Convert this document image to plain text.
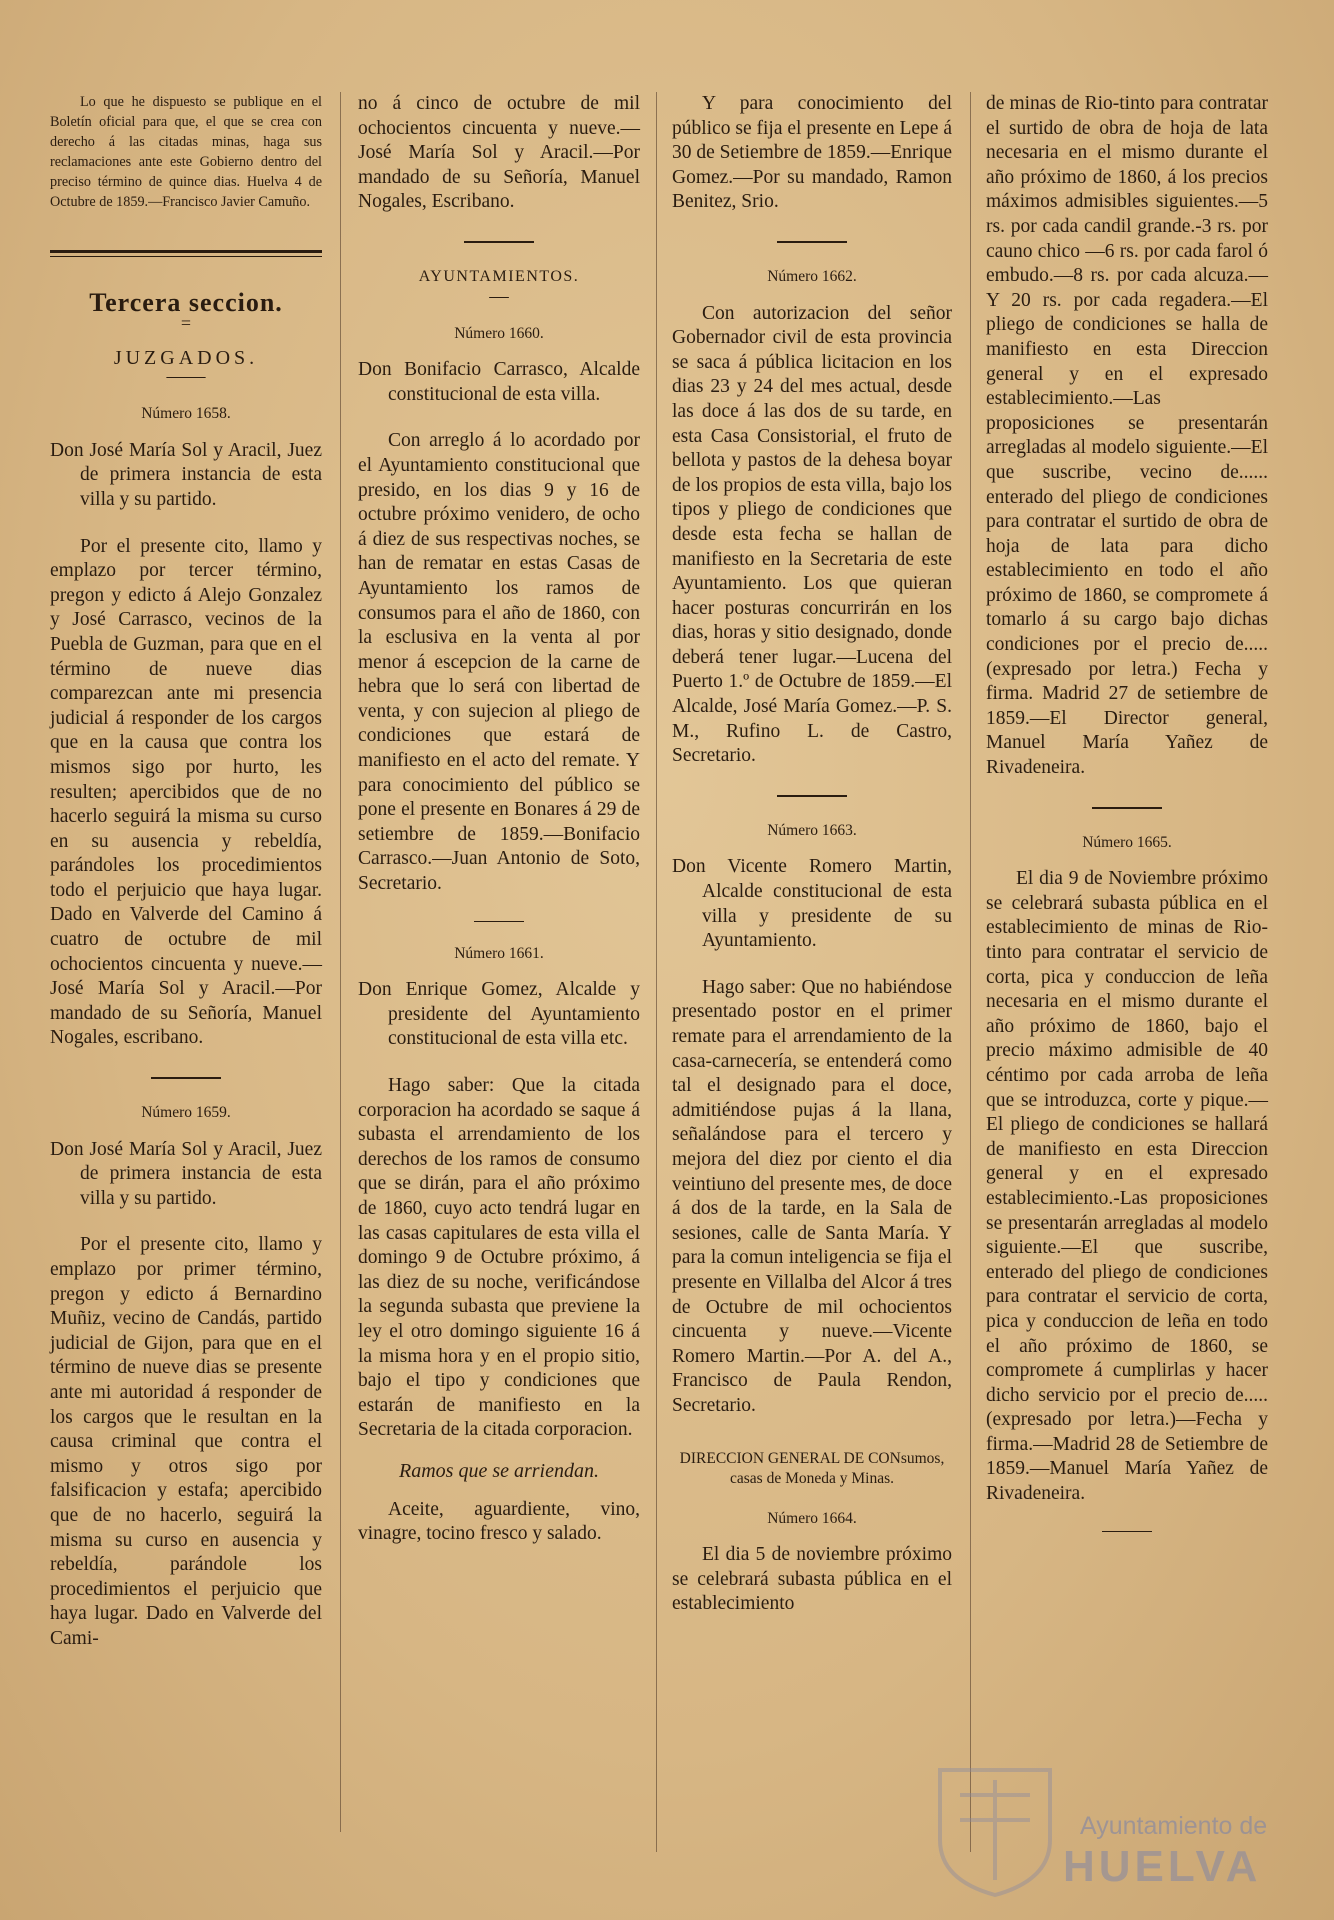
Lo que he dispuesto se publique en el Boletín oficial para que, el que se crea con derecho á las citadas minas, haga sus reclamaciones ante este Gobierno dentro del preciso término de quince dias. Huelva 4 de Octubre de 1859.—Francisco Javier Camuño.

Tercera seccion.
=
JUZGADOS.
——
Número 1658.

Don José María Sol y Aracil, Juez de primera instancia de esta villa y su partido.

Por el presente cito, llamo y emplazo por tercer término, pregon y edicto á Alejo Gonzalez y José Carrasco, vecinos de la Puebla de Guzman, para que en el término de nueve dias comparezcan ante mi presencia judicial á responder de los cargos que en la causa que contra los mismos sigo por hurto, les resulten; apercibidos que de no hacerlo seguirá la misma su curso en su ausencia y rebeldía, parándoles los procedimientos todo el perjuicio que haya lugar. Dado en Valverde del Camino á cuatro de octubre de mil ochocientos cincuenta y nueve.—José María Sol y Aracil.—Por mandado de su Señoría, Manuel Nogales, escribano.

Número 1659.

Don José María Sol y Aracil, Juez de primera instancia de esta villa y su partido.

Por el presente cito, llamo y emplazo por primer término, pregon y edicto á Bernardino Muñiz, vecino de Candás, partido judicial de Gijon, para que en el término de nueve dias se presente ante mi autoridad á responder de los cargos que le resultan en la causa criminal que contra el mismo y otros sigo por falsificacion y estafa; apercibido que de no hacerlo, seguirá la misma su curso en ausencia y rebeldía, parándole los procedimientos el perjuicio que haya lugar. Dado en Valverde del Cami-

no á cinco de octubre de mil ochocientos cincuenta y nueve.—José María Sol y Aracil.—Por mandado de su Señoría, Manuel Nogales, Escribano.

AYUNTAMIENTOS.
—
Número 1660.

Don Bonifacio Carrasco, Alcalde constitucional de esta villa.

Con arreglo á lo acordado por el Ayuntamiento constitucional que presido, en los dias 9 y 16 de octubre próximo venidero, de ocho á diez de sus respectivas noches, se han de rematar en estas Casas de Ayuntamiento los ramos de consumos para el año de 1860, con la esclusiva en la venta al por menor á escepcion de la carne de hebra que lo será con libertad de venta, y con sujecion al pliego de condiciones que estará de manifiesto en el acto del remate. Y para conocimiento del público se pone el presente en Bonares á 29 de setiembre de 1859.—Bonifacio Carrasco.—Juan Antonio de Soto, Secretario.

Número 1661.

Don Enrique Gomez, Alcalde y presidente del Ayuntamiento constitucional de esta villa etc.

Hago saber: Que la citada corporacion ha acordado se saque á subasta el arrendamiento de los derechos de los ramos de consumo que se dirán, para el año próximo de 1860, cuyo acto tendrá lugar en las casas capitulares de esta villa el domingo 9 de Octubre próximo, á las diez de su noche, verificándose la segunda subasta que previene la ley el otro domingo siguiente 16 á la misma hora y en el propio sitio, bajo el tipo y condiciones que estarán de manifiesto en la Secretaria de la citada corporacion.

Ramos que se arriendan.

Aceite, aguardiente, vino, vinagre, tocino fresco y salado.

Y para conocimiento del público se fija el presente en Lepe á 30 de Setiembre de 1859.—Enrique Gomez.—Por su mandado, Ramon Benitez, Srio.

Número 1662.

Con autorizacion del señor Gobernador civil de esta provincia se saca á pública licitacion en los dias 23 y 24 del mes actual, desde las doce á las dos de su tarde, en esta Casa Consistorial, el fruto de bellota y pastos de la dehesa boyar de los propios de esta villa, bajo los tipos y pliego de condiciones que desde esta fecha se hallan de manifiesto en la Secretaria de este Ayuntamiento. Los que quieran hacer posturas concurrirán en los dias, horas y sitio designado, donde deberá tener lugar.—Lucena del Puerto 1.º de Octubre de 1859.—El Alcalde, José María Gomez.—P. S. M., Rufino L. de Castro, Secretario.

Número 1663.

Don Vicente Romero Martin, Alcalde constitucional de esta villa y presidente de su Ayuntamiento.

Hago saber: Que no habiéndose presentado postor en el primer remate para el arrendamiento de la casa-carnecería, se entenderá como tal el designado para el doce, admitiéndose pujas á la llana, señalándose para el tercero y mejora del diez por ciento el dia veintiuno del presente mes, de doce á dos de la tarde, en la Sala de sesiones, calle de Santa María. Y para la comun inteligencia se fija el presente en Villalba del Alcor á tres de Octubre de mil ochocientos cincuenta y nueve.—Vicente Romero Martin.—Por A. del A., Francisco de Paula Rendon, Secretario.

DIRECCION GENERAL DE CONsumos, casas de Moneda y Minas.
Número 1664.

El dia 5 de noviembre próximo se celebrará subasta pública en el establecimiento

de minas de Rio-tinto para contratar el surtido de obra de hoja de lata necesaria en el mismo durante el año próximo de 1860, á los precios máximos admisibles siguientes.—5 rs. por cada candil grande.-3 rs. por cauno chico —6 rs. por cada farol ó embudo.—8 rs. por cada alcuza.—Y 20 rs. por cada regadera.—El pliego de condiciones se halla de manifiesto en esta Direccion general y en el expresado establecimiento.—Las proposiciones se presentarán arregladas al modelo siguiente.—El que suscribe, vecino de...... enterado del pliego de condiciones para contratar el surtido de obra de hoja de lata para dicho establecimiento en todo el año próximo de 1860, se compromete á tomarlo á su cargo bajo dichas condiciones por el precio de.....(expresado por letra.) Fecha y firma. Madrid 27 de setiembre de 1859.—El Director general, Manuel María Yañez de Rivadeneira.

Número 1665.

El dia 9 de Noviembre próximo se celebrará subasta pública en el establecimiento de minas de Rio-tinto para contratar el servicio de corta, pica y conduccion de leña necesaria en el mismo durante el año próximo de 1860, bajo el precio máximo admisible de 40 céntimo por cada arroba de leña que se introduzca, corte y pique.—El pliego de condiciones se hallará de manifiesto en esta Direccion general y en el expresado establecimiento.-Las proposiciones se presentarán arregladas al modelo siguiente.—El que suscribe, enterado del pliego de condiciones para contratar el servicio de corta, pica y conduccion de leña en todo el año próximo de 1860, se compromete á cumplirlas y hacer dicho servicio por el precio de..... (expresado por letra.)—Fecha y firma.—Madrid 28 de Setiembre de 1859.—Manuel María Yañez de Rivadeneira.

Ayuntamiento de
HUELVA
